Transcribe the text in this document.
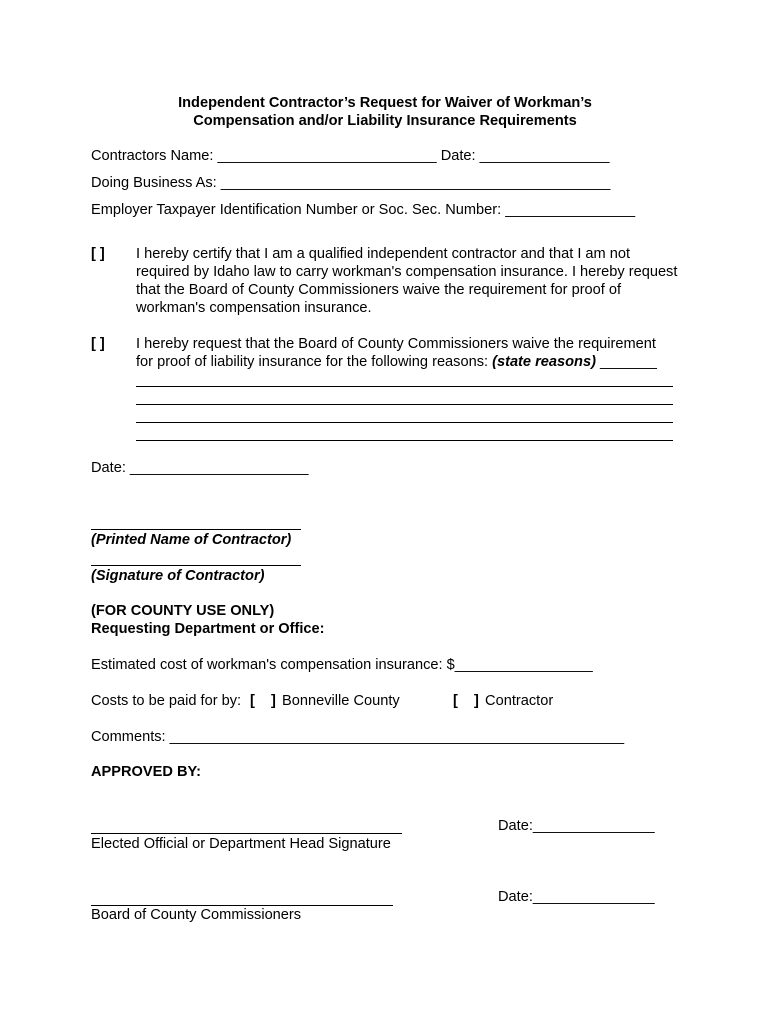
Independent Contractor’s Request for Waiver of Workman’s
Compensation and/or Liability Insurance Requirements
Contractors Name: ___________________________ Date: ________________
Doing Business As: ________________________________________________
Employer Taxpayer Identification Number or Soc. Sec. Number: ________________
[ ] I hereby certify that I am a qualified independent contractor and that I am not required by Idaho law to carry workman's compensation insurance. I hereby request that the Board of County Commissioners waive the requirement for proof of workman's compensation insurance.
[ ] I hereby request that the Board of County Commissioners waive the requirement
for proof of liability insurance for the following reasons: (state reasons) _______
Date: ______________________
(Printed Name of Contractor)
(Signature of Contractor)
(FOR COUNTY USE ONLY)
Requesting Department or Office:
Estimated cost of workman's compensation insurance: $_________________
Costs to be paid for by: [ ] Bonneville County	[ ] Contractor
Comments: ________________________________________________________
APPROVED BY:
Elected Official or Department Head Signature
Date:_______________
Board of County Commissioners
Date:_______________
